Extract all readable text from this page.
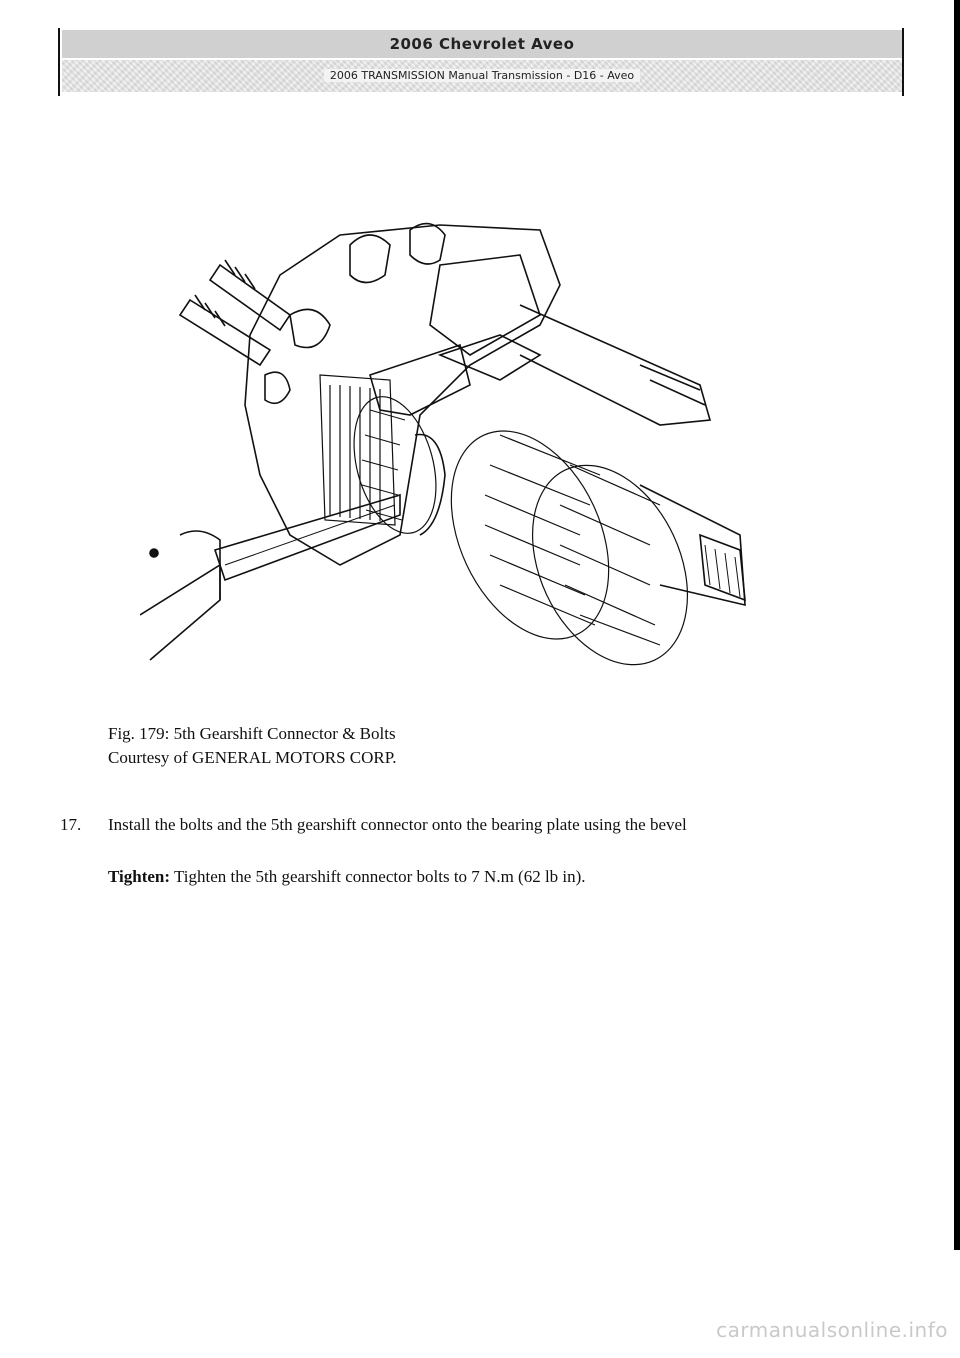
2006 Chevrolet Aveo
2006 TRANSMISSION Manual Transmission - D16 - Aveo
Fig. 179: 5th Gearshift Connector & Bolts
Courtesy of GENERAL MOTORS CORP.
17. Install the bolts and the 5th gearshift connector onto the bearing plate using the bevel
Tighten: Tighten the 5th gearshift connector bolts to 7 N.m (62 lb in).
carmanualsonline.info
